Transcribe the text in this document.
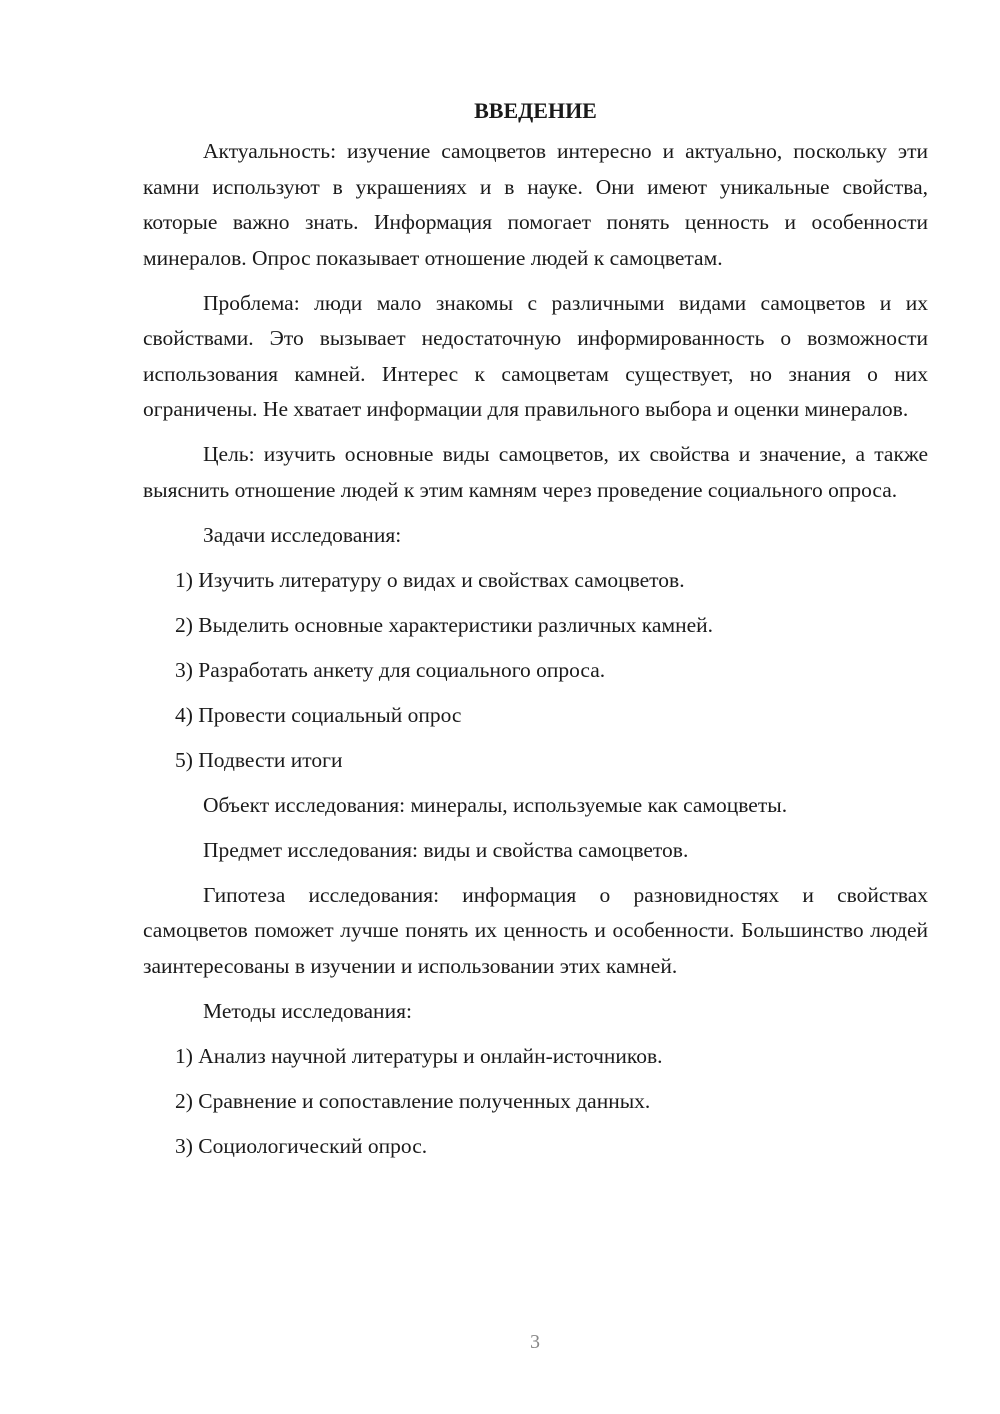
ВВЕДЕНИЕ

Актуальность: изучение самоцветов интересно и актуально, поскольку эти камни используют в украшениях и в науке. Они имеют уникальные свойства, которые важно знать. Информация помогает понять ценность и особенности минералов. Опрос показывает отношение людей к самоцветам.

Проблема: люди мало знакомы с различными видами самоцветов и их свойствами. Это вызывает недостаточную информированность о возможности использования камней. Интерес к самоцветам существует, но знания о них ограничены. Не хватает информации для правильного выбора и оценки минералов.

Цель: изучить основные виды самоцветов, их свойства и значение, а также выяснить отношение людей к этим камням через проведение социального опроса.

Задачи исследования:
1) Изучить литературу о видах и свойствах самоцветов.
2) Выделить основные характеристики различных камней.
3) Разработать анкету для социального опроса.
4) Провести социальный опрос
5) Подвести итоги
Объект исследования: минералы, используемые как самоцветы.
Предмет исследования: виды и свойства самоцветов.

Гипотеза исследования: информация о разновидностях и свойствах самоцветов поможет лучше понять их ценность и особенности. Большинство людей заинтересованы в изучении и использовании этих камней.

Методы исследования:
1) Анализ научной литературы и онлайн-источников.
2) Сравнение и сопоставление полученных данных.
3) Социологический опрос.
3
